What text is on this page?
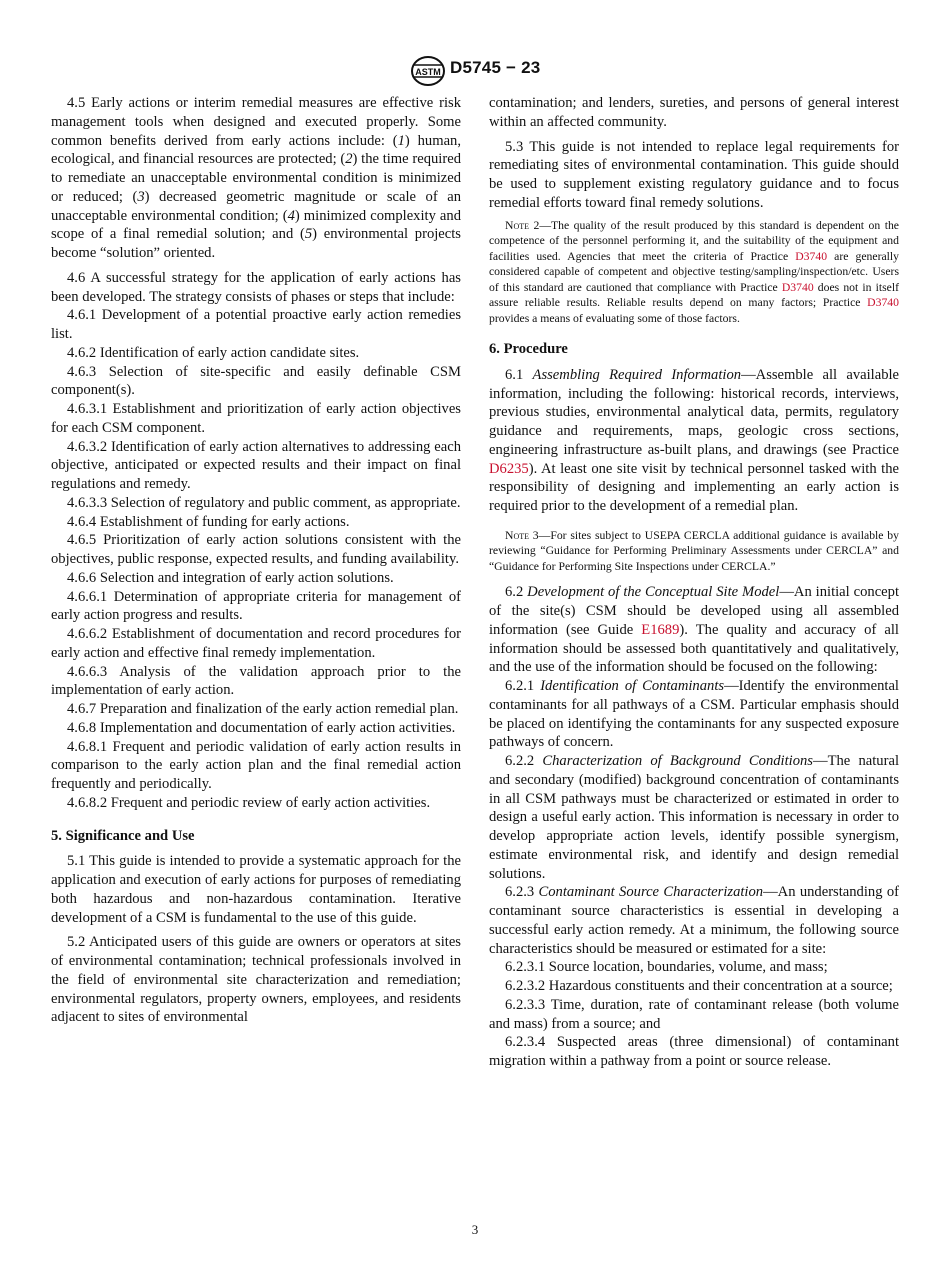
ASTM D5745 − 23

4.5 Early actions or interim remedial measures are effective risk management tools when designed and executed properly. Some common benefits derived from early actions include: (1) human, ecological, and financial resources are protected; (2) the time required to remediate an unacceptable environmental condition is minimized or reduced; (3) decreased geometric magnitude or scale of an unacceptable environmental condition; (4) minimized complexity and scope of a final remedial solution; and (5) environmental projects become “solution” oriented.

4.6 A successful strategy for the application of early actions has been developed. The strategy consists of phases or steps that include:

4.6.1 Development of a potential proactive early action remedies list.

4.6.2 Identification of early action candidate sites.

4.6.3 Selection of site-specific and easily definable CSM component(s).

4.6.3.1 Establishment and prioritization of early action objectives for each CSM component.

4.6.3.2 Identification of early action alternatives to addressing each objective, anticipated or expected results and their impact on final regulations and remedy.

4.6.3.3 Selection of regulatory and public comment, as appropriate.

4.6.4 Establishment of funding for early actions.

4.6.5 Prioritization of early action solutions consistent with the objectives, public response, expected results, and funding availability.

4.6.6 Selection and integration of early action solutions.

4.6.6.1 Determination of appropriate criteria for management of early action progress and results.

4.6.6.2 Establishment of documentation and record procedures for early action and effective final remedy implementation.

4.6.6.3 Analysis of the validation approach prior to the implementation of early action.

4.6.7 Preparation and finalization of the early action remedial plan.

4.6.8 Implementation and documentation of early action activities.

4.6.8.1 Frequent and periodic validation of early action results in comparison to the early action plan and the final remedial action frequently and periodically.

4.6.8.2 Frequent and periodic review of early action activities.

5. Significance and Use

5.1 This guide is intended to provide a systematic approach for the application and execution of early actions for purposes of remediating both hazardous and non-hazardous contamination. Iterative development of a CSM is fundamental to the use of this guide.

5.2 Anticipated users of this guide are owners or operators at sites of environmental contamination; technical professionals involved in the field of environmental site characterization and remediation; environmental regulators, property owners, employees, and residents adjacent to sites of environmental

contamination; and lenders, sureties, and persons of general interest within an affected community.

5.3 This guide is not intended to replace legal requirements for remediating sites of environmental contamination. This guide should be used to supplement existing regulatory guidance and to focus remedial efforts toward final remedy solutions.

Note 2—The quality of the result produced by this standard is dependent on the competence of the personnel performing it, and the suitability of the equipment and facilities used. Agencies that meet the criteria of Practice D3740 are generally considered capable of competent and objective testing/sampling/inspection/etc. Users of this standard are cautioned that compliance with Practice D3740 does not in itself assure reliable results. Reliable results depend on many factors; Practice D3740 provides a means of evaluating some of those factors.

6. Procedure

6.1 Assembling Required Information—Assemble all available information, including the following: historical records, interviews, previous studies, environmental analytical data, permits, regulatory guidance and requirements, maps, geologic cross sections, engineering infrastructure as-built plans, and drawings (see Practice D6235). At least one site visit by technical personnel tasked with the responsibility of designing and implementing an early action is required prior to the development of a remedial plan.

Note 3—For sites subject to USEPA CERCLA additional guidance is available by reviewing “Guidance for Performing Preliminary Assessments under CERCLA” and “Guidance for Performing Site Inspections under CERCLA.”

6.2 Development of the Conceptual Site Model—An initial concept of the site(s) CSM should be developed using all assembled information (see Guide E1689). The quality and accuracy of all information should be assessed both quantitatively and qualitatively, and the use of the information should be focused on the following:

6.2.1 Identification of Contaminants—Identify the environmental contaminants for all pathways of a CSM. Particular emphasis should be placed on identifying the contaminants for any suspected exposure pathways of concern.

6.2.2 Characterization of Background Conditions—The natural and secondary (modified) background concentration of contaminants in all CSM pathways must be characterized or estimated in order to design a useful early action. This information is necessary in order to develop appropriate action levels, identify possible synergism, estimate environmental risk, and identify and design remedial solutions.

6.2.3 Contaminant Source Characterization—An understanding of contaminant source characteristics is essential in developing a successful early action remedy. At a minimum, the following source characteristics should be measured or estimated for a site:

6.2.3.1 Source location, boundaries, volume, and mass;

6.2.3.2 Hazardous constituents and their concentration at a source;

6.2.3.3 Time, duration, rate of contaminant release (both volume and mass) from a source; and

6.2.3.4 Suspected areas (three dimensional) of contaminant migration within a pathway from a point or source release.

3
